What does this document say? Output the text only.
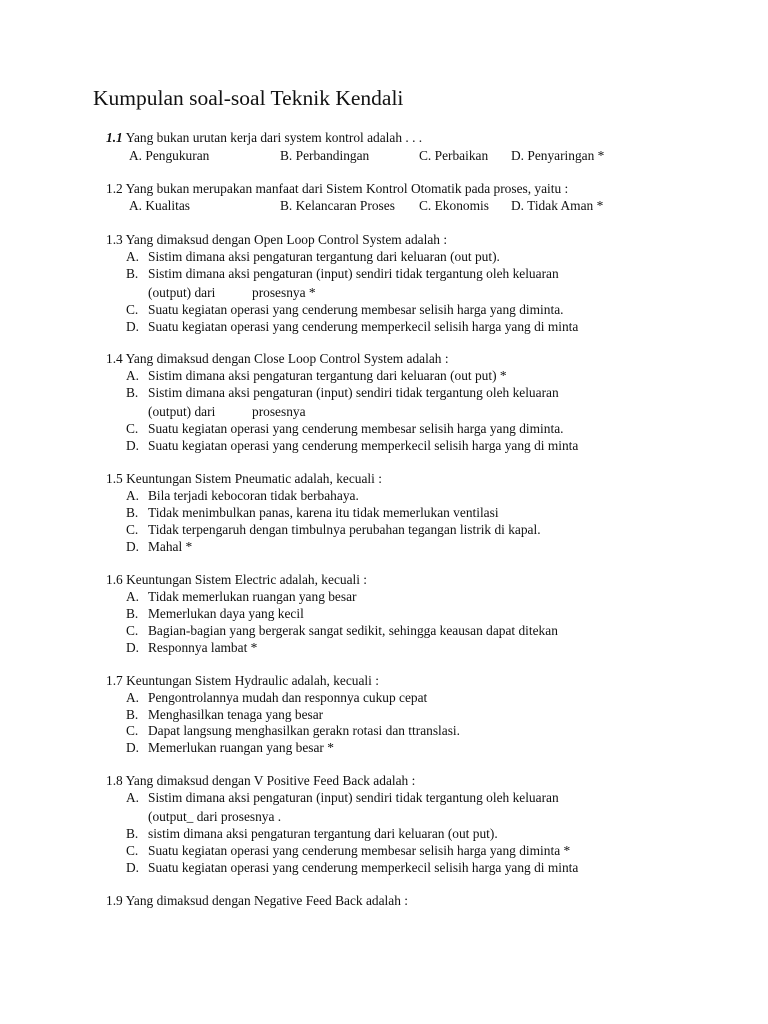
Kumpulan soal-soal Teknik Kendali
1.1 Yang bukan urutan kerja dari system kontrol adalah . . .
A. Pengukuran	B. Perbandingan	C. Perbaikan D. Penyaringan *
1.2 Yang bukan merupakan manfaat dari Sistem Kontrol Otomatik pada proses, yaitu :
A. Kualitas	B. Kelancaran Proses C. Ekonomis D. Tidak Aman *
1.3 Yang dimaksud dengan Open Loop Control System adalah :
A. Sistim dimana aksi pengaturan tergantung dari keluaran (out put).
B. Sistim dimana aksi pengaturan (input) sendiri tidak tergantung oleh keluaran
(output) dari	prosesnya *
C. Suatu kegiatan operasi yang cenderung membesar selisih harga yang diminta.
D. Suatu kegiatan operasi yang cenderung memperkecil selisih harga yang di minta
1.4 Yang dimaksud dengan Close Loop Control System adalah :
A. Sistim dimana aksi pengaturan tergantung dari keluaran (out put) *
B. Sistim dimana aksi pengaturan (input) sendiri tidak tergantung oleh keluaran
(output) dari	prosesnya
C. Suatu kegiatan operasi yang cenderung membesar selisih harga yang diminta.
D. Suatu kegiatan operasi yang cenderung memperkecil selisih harga yang di minta
1.5 Keuntungan Sistem Pneumatic adalah, kecuali :
A. Bila terjadi kebocoran tidak berbahaya.
B. Tidak menimbulkan panas, karena itu tidak memerlukan ventilasi
C. Tidak terpengaruh dengan timbulnya perubahan tegangan listrik di kapal.
D. Mahal *
1.6 Keuntungan Sistem Electric adalah, kecuali :
A. Tidak memerlukan ruangan yang besar
B. Memerlukan daya yang kecil
C. Bagian-bagian yang bergerak sangat sedikit, sehingga keausan dapat ditekan
D. Responnya lambat *
1.7 Keuntungan Sistem Hydraulic adalah, kecuali :
A. Pengontrolannya mudah dan responnya cukup cepat
B. Menghasilkan tenaga yang besar
C. Dapat langsung menghasilkan gerakn rotasi dan ttranslasi.
D. Memerlukan ruangan yang besar *
1.8 Yang dimaksud dengan V Positive Feed Back adalah :
A. Sistim dimana aksi pengaturan (input) sendiri tidak tergantung oleh keluaran
(output_ dari prosesnya .
B. sistim dimana aksi pengaturan tergantung dari keluaran (out put).
C. Suatu kegiatan operasi yang cenderung membesar selisih harga yang diminta *
D. Suatu kegiatan operasi yang cenderung memperkecil selisih harga yang di minta
1.9 Yang dimaksud dengan Negative Feed Back adalah :
